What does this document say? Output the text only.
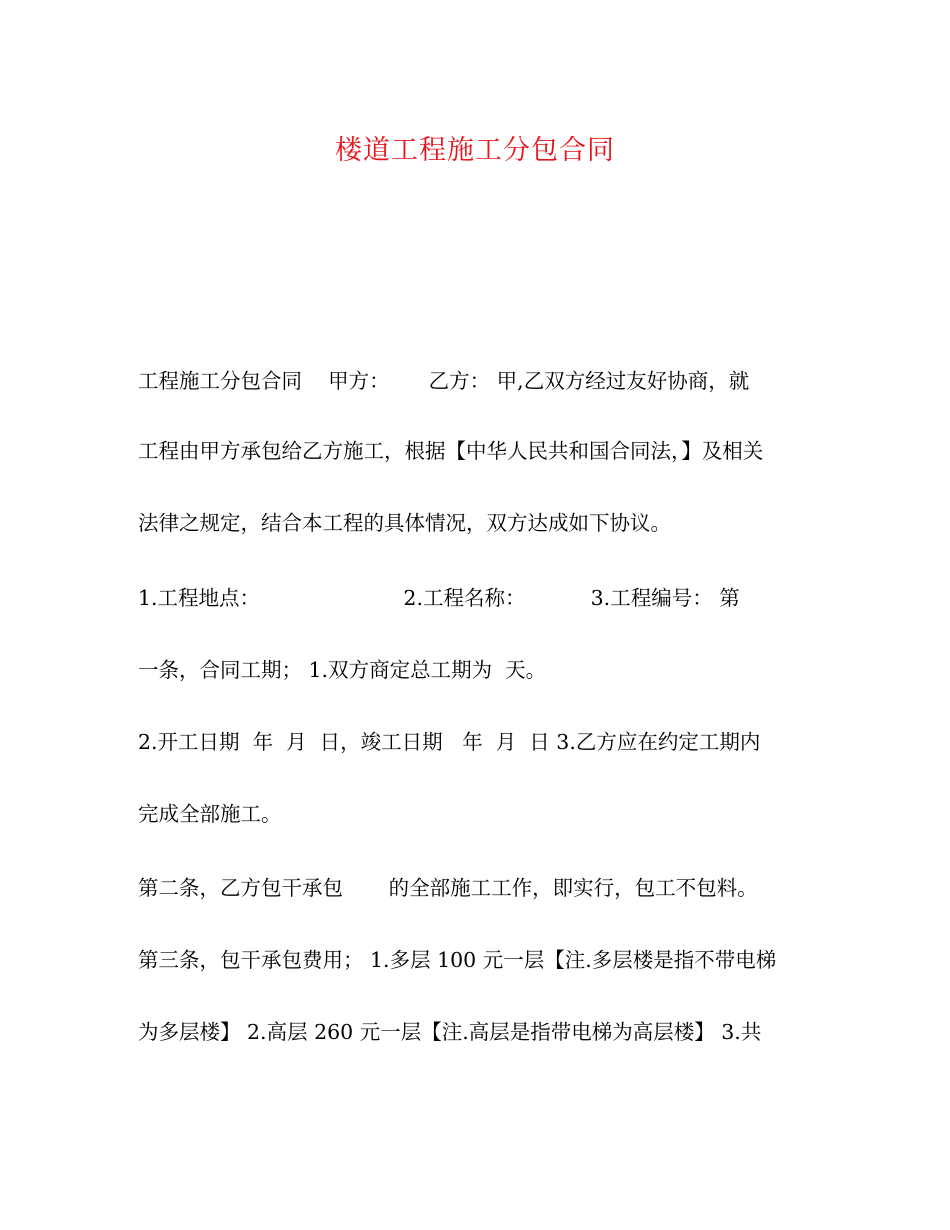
楼道工程施工分包合同
工程施工分包合同    甲方：      乙方： 甲,乙双方经过友好协商，就
工程由甲方承包给乙方施工，根据【中华人民共和国合同法，】及相关
法律之规定，结合本工程的具体情况，双方达成如下协议。
1.工程地点：                      2.工程名称：          3.工程编号： 第
一条，合同工期； 1.双方商定总工期为  天。
2.开工日期  年  月  日，竣工日期   年  月  日 3.乙方应在约定工期内
完成全部施工。
第二条，乙方包干承包       的全部施工工作，即实行，包工不包料。
第三条，包干承包费用； 1.多层 100 元一层【注.多层楼是指不带电梯
为多层楼】 2.高层 260 元一层【注.高层是指带电梯为高层楼】 3.共
